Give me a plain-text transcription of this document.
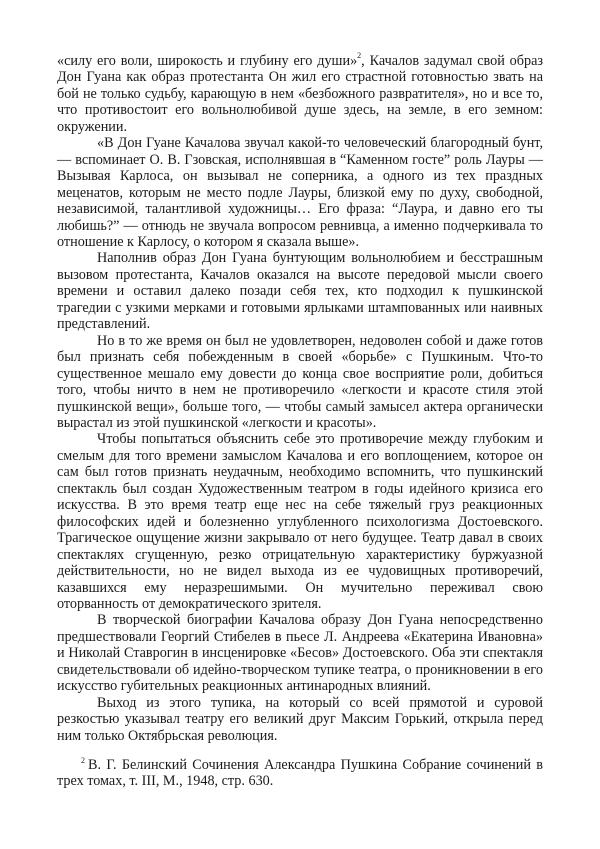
«силу его воли, широкость и глубину его души»$^2$, Качалов задумал свой образ Дон Гуана как образ протестанта Он жил его страстной готовностью звать на бой не только судьбу, карающую в нем «безбожного развратителя», но и все то, что противостоит его вольнолюбивой душе здесь, на земле, в его земном: окружении.

«В Дон Гуане Качалова звучал какой-то человеческий благородный бунт, — вспоминает О. В. Гзовская, исполнявшая в “Каменном госте” роль Лауры — Вызывая Карлоса, он вызывал не соперника, а одного из тех праздных меценатов, которым не место подле Лауры, близкой ему по духу, свободной, независимой, талантливой художницы… Его фраза: “Лаура, и давно его ты любишь?” — отнюдь не звучала вопросом ревнивца, а именно подчеркивала то отношение к Карлосу, о котором я сказала выше».

Наполнив образ Дон Гуана бунтующим вольнолюбием и бесстрашным вызовом протестанта, Качалов оказался на высоте передовой мысли своего времени и оставил далеко позади себя тех, кто подходил к пушкинской трагедии с узкими мерками и готовыми ярлыками штампованных или наивных представлений.

Но в то же время он был не удовлетворен, недоволен собой и даже готов был признать себя побежденным в своей «борьбе» с Пушкиным. Что-то существенное мешало ему довести до конца свое восприятие роли, добиться того, чтобы ничто в нем не противоречило «легкости и красоте стиля этой пушкинской вещи», больше того, — чтобы самый замысел актера органически вырастал из этой пушкинской «легкости и красоты».

Чтобы попытаться объяснить себе это противоречие между глубоким и смелым для того времени замыслом Качалова и его воплощением, которое он сам был готов признать неудачным, необходимо вспомнить, что пушкинский спектакль был создан Художественным театром в годы идейного кризиса его искусства. В это время театр еще нес на себе тяжелый груз реакционных философских идей и болезненно углубленного психологизма Достоевского. Трагическое ощущение жизни закрывало от него будущее. Театр давал в своих спектаклях сгущенную, резко отрицательную характеристику буржуазной действительности, но не видел выхода из ее чудовищных противоречий, казавшихся ему неразрешимыми. Он мучительно переживал свою оторванность от демократического зрителя.

В творческой биографии Качалова образу Дон Гуана непосредственно предшествовали Георгий Стибелев в пьесе Л. Андреева «Екатерина Ивановна» и Николай Ставрогин в инсценировке «Бесов» Достоевского. Оба эти спектакля свидетельствовали об идейно-творческом тупике театра, о проникновении в его искусство губительных реакционных антинародных влияний.

Выход из этого тупика, на который со всей прямотой и суровой резкостью указывал театру его великий друг Максим Горький, открыла перед ним только Октябрьская революция.

$^2$ В. Г. Белинский Сочинения Александра Пушкина Собрание сочинений в трех томах, т. III, М., 1948, стр. 630.
